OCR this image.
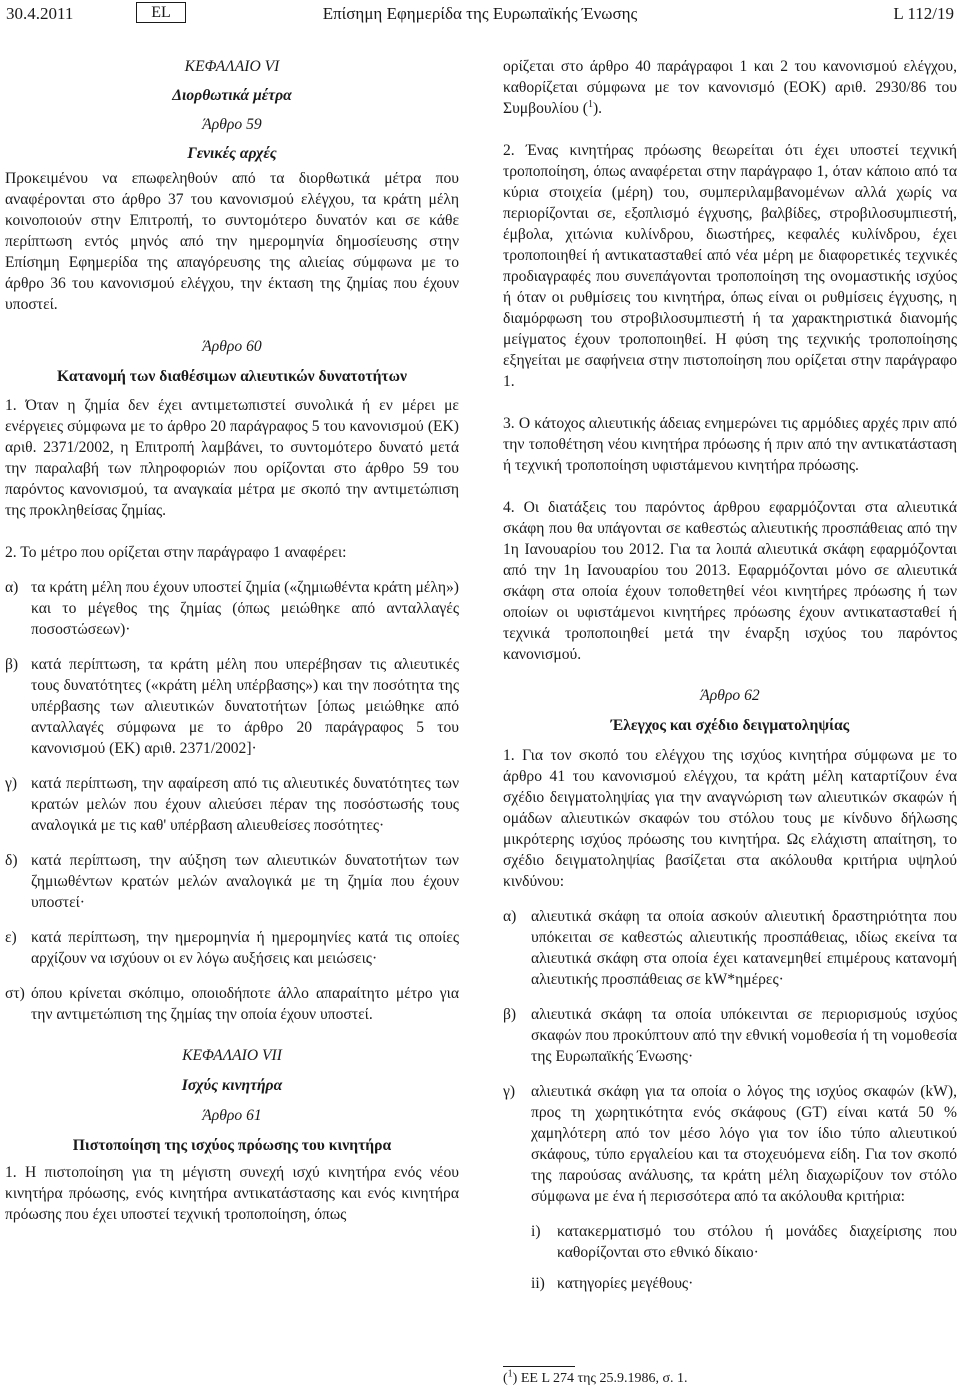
30.4.2011	EL	Επίσημη Εφημερίδα της Ευρωπαϊκής Ένωσης	L 112/19

ΚΕΦΑΛΑΙΟ VI

Διορθωτικά μέτρα

Άρθρο 59

Γενικές αρχές

Προκειμένου να επωφεληθούν από τα διορθωτικά μέτρα που αναφέρονται στο άρθρο 37 του κανονισμού ελέγχου, τα κράτη μέλη κοινοποιούν στην Επιτροπή, το συντομότερο δυνατόν και σε κάθε περίπτωση εντός μηνός από την ημερομηνία δημοσίευσης στην Επίσημη Εφημερίδα της απαγόρευσης της αλιείας σύμφωνα με το άρθρο 36 του κανονισμού ελέγχου, την έκταση της ζημίας που έχουν υποστεί.

Άρθρο 60

Κατανομή των διαθέσιμων αλιευτικών δυνατοτήτων

1. Όταν η ζημία δεν έχει αντιμετωπιστεί συνολικά ή εν μέρει με ενέργειες σύμφωνα με το άρθρο 20 παράγραφος 5 του κανονισμού (ΕΚ) αριθ. 2371/2002, η Επιτροπή λαμβάνει, το συντομότερο δυνατό μετά την παραλαβή των πληροφοριών που ορίζονται στο άρθρο 59 του παρόντος κανονισμού, τα αναγκαία μέτρα με σκοπό την αντιμετώπιση της προκληθείσας ζημίας.

2. Το μέτρο που ορίζεται στην παράγραφο 1 αναφέρει:

α) τα κράτη μέλη που έχουν υποστεί ζημία («ζημιωθέντα κράτη μέλη») και το μέγεθος της ζημίας (όπως μειώθηκε από ανταλλαγές ποσοστώσεων)·
β) κατά περίπτωση, τα κράτη μέλη που υπερέβησαν τις αλιευτικές τους δυνατότητες («κράτη μέλη υπέρβασης») και την ποσότητα της υπέρβασης των αλιευτικών δυνατοτήτων [όπως μειώθηκε από ανταλλαγές σύμφωνα με το άρθρο 20 παράγραφος 5 του κανονισμού (ΕΚ) αριθ. 2371/2002]·
γ) κατά περίπτωση, την αφαίρεση από τις αλιευτικές δυνατότητες των κρατών μελών που έχουν αλιεύσει πέραν της ποσόστωσής τους αναλογικά με τις καθ' υπέρβαση αλιευθείσες ποσότητες·
δ) κατά περίπτωση, την αύξηση των αλιευτικών δυνατοτήτων των ζημιωθέντων κρατών μελών αναλογικά με τη ζημία που έχουν υποστεί·
ε) κατά περίπτωση, την ημερομηνία ή ημερομηνίες κατά τις οποίες αρχίζουν να ισχύουν οι εν λόγω αυξήσεις και μειώσεις·
στ) όπου κρίνεται σκόπιμο, οποιοδήποτε άλλο απαραίτητο μέτρο για την αντιμετώπιση της ζημίας την οποία έχουν υποστεί.

ΚΕΦΑΛΑΙΟ VII

Ισχύς κινητήρα

Άρθρο 61

Πιστοποίηση της ισχύος πρόωσης του κινητήρα

1. Η πιστοποίηση για τη μέγιστη συνεχή ισχύ κινητήρα ενός νέου κινητήρα πρόωσης, ενός κινητήρα αντικατάστασης και ενός κινητήρα πρόωσης που έχει υποστεί τεχνική τροποποίηση, όπως

ορίζεται στο άρθρο 40 παράγραφοι 1 και 2 του κανονισμού ελέγχου, καθορίζεται σύμφωνα με τον κανονισμό (ΕΟΚ) αριθ. 2930/86 του Συμβουλίου ($^1$).

2. Ένας κινητήρας πρόωσης θεωρείται ότι έχει υποστεί τεχνική τροποποίηση, όπως αναφέρεται στην παράγραφο 1, όταν κάποιο από τα κύρια στοιχεία (μέρη) του, συμπεριλαμβανομένων αλλά χωρίς να περιορίζονται σε, εξοπλισμό έγχυσης, βαλβίδες, στροβιλοσυμπιεστή, έμβολα, χιτώνια κυλίνδρου, διωστήρες, κεφαλές κυλίνδρου, έχει τροποποιηθεί ή αντικατασταθεί από νέα μέρη με διαφορετικές τεχνικές προδιαγραφές που συνεπάγονται τροποποίηση της ονομαστικής ισχύος ή όταν οι ρυθμίσεις του κινητήρα, όπως είναι οι ρυθμίσεις έγχυσης, η διαμόρφωση του στροβιλοσυμπιεστή ή τα χαρακτηριστικά διανομής μείγματος έχουν τροποποιηθεί. Η φύση της τεχνικής τροποποίησης εξηγείται με σαφήνεια στην πιστοποίηση που ορίζεται στην παράγραφο 1.

3. Ο κάτοχος αλιευτικής άδειας ενημερώνει τις αρμόδιες αρχές πριν από την τοποθέτηση νέου κινητήρα πρόωσης ή πριν από την αντικατάσταση ή τεχνική τροποποίηση υφιστάμενου κινητήρα πρόωσης.

4. Οι διατάξεις του παρόντος άρθρου εφαρμόζονται στα αλιευτικά σκάφη που θα υπάγονται σε καθεστώς αλιευτικής προσπάθειας από την 1η Ιανουαρίου του 2012. Για τα λοιπά αλιευτικά σκάφη εφαρμόζονται από την 1η Ιανουαρίου του 2013. Εφαρμόζονται μόνο σε αλιευτικά σκάφη στα οποία έχουν τοποθετηθεί νέοι κινητήρες πρόωσης ή των οποίων οι υφιστάμενοι κινητήρες πρόωσης έχουν αντικατασταθεί ή τεχνικά τροποποιηθεί μετά την έναρξη ισχύος του παρόντος κανονισμού.

Άρθρο 62

Έλεγχος και σχέδιο δειγματοληψίας

1. Για τον σκοπό του ελέγχου της ισχύος κινητήρα σύμφωνα με το άρθρο 41 του κανονισμού ελέγχου, τα κράτη μέλη καταρτίζουν ένα σχέδιο δειγματοληψίας για την αναγνώριση των αλιευτικών σκαφών ή ομάδων αλιευτικών σκαφών του στόλου τους με κίνδυνο δήλωσης μικρότερης ισχύος πρόωσης του κινητήρα. Ως ελάχιστη απαίτηση, το σχέδιο δειγματοληψίας βασίζεται στα ακόλουθα κριτήρια υψηλού κινδύνου:

α) αλιευτικά σκάφη τα οποία ασκούν αλιευτική δραστηριότητα που υπόκειται σε καθεστώς αλιευτικής προσπάθειας, ιδίως εκείνα τα αλιευτικά σκάφη στα οποία έχει κατανεμηθεί επιμέρους κατανομή αλιευτικής προσπάθειας σε kW*ημέρες·
β) αλιευτικά σκάφη τα οποία υπόκεινται σε περιορισμούς ισχύος σκαφών που προκύπτουν από την εθνική νομοθεσία ή τη νομοθεσία της Ευρωπαϊκής Ένωσης·
γ)	αλιευτικά σκάφη για τα οποία ο λόγος της ισχύος σκαφών (kW), προς τη χωρητικότητα ενός σκάφους (GT) είναι κατά 50 % χαμηλότερη από τον μέσο λόγο για τον ίδιο τύπο αλιευτικού σκάφους, τύπο εργαλείου και τα στοχευόμενα είδη. Για τον σκοπό της παρούσας ανάλυσης, τα κράτη μέλη διαχωρίζουν τον στόλο σύμφωνα με ένα ή περισσότερα από τα ακόλουθα κριτήρια:
i)	κατακερματισμό του στόλου ή μονάδες διαχείρισης που καθορίζονται στο εθνικό δίκαιο·
ii) κατηγορίες μεγέθους·
($^1$) ΕΕ L 274 της 25.9.1986, σ. 1.
